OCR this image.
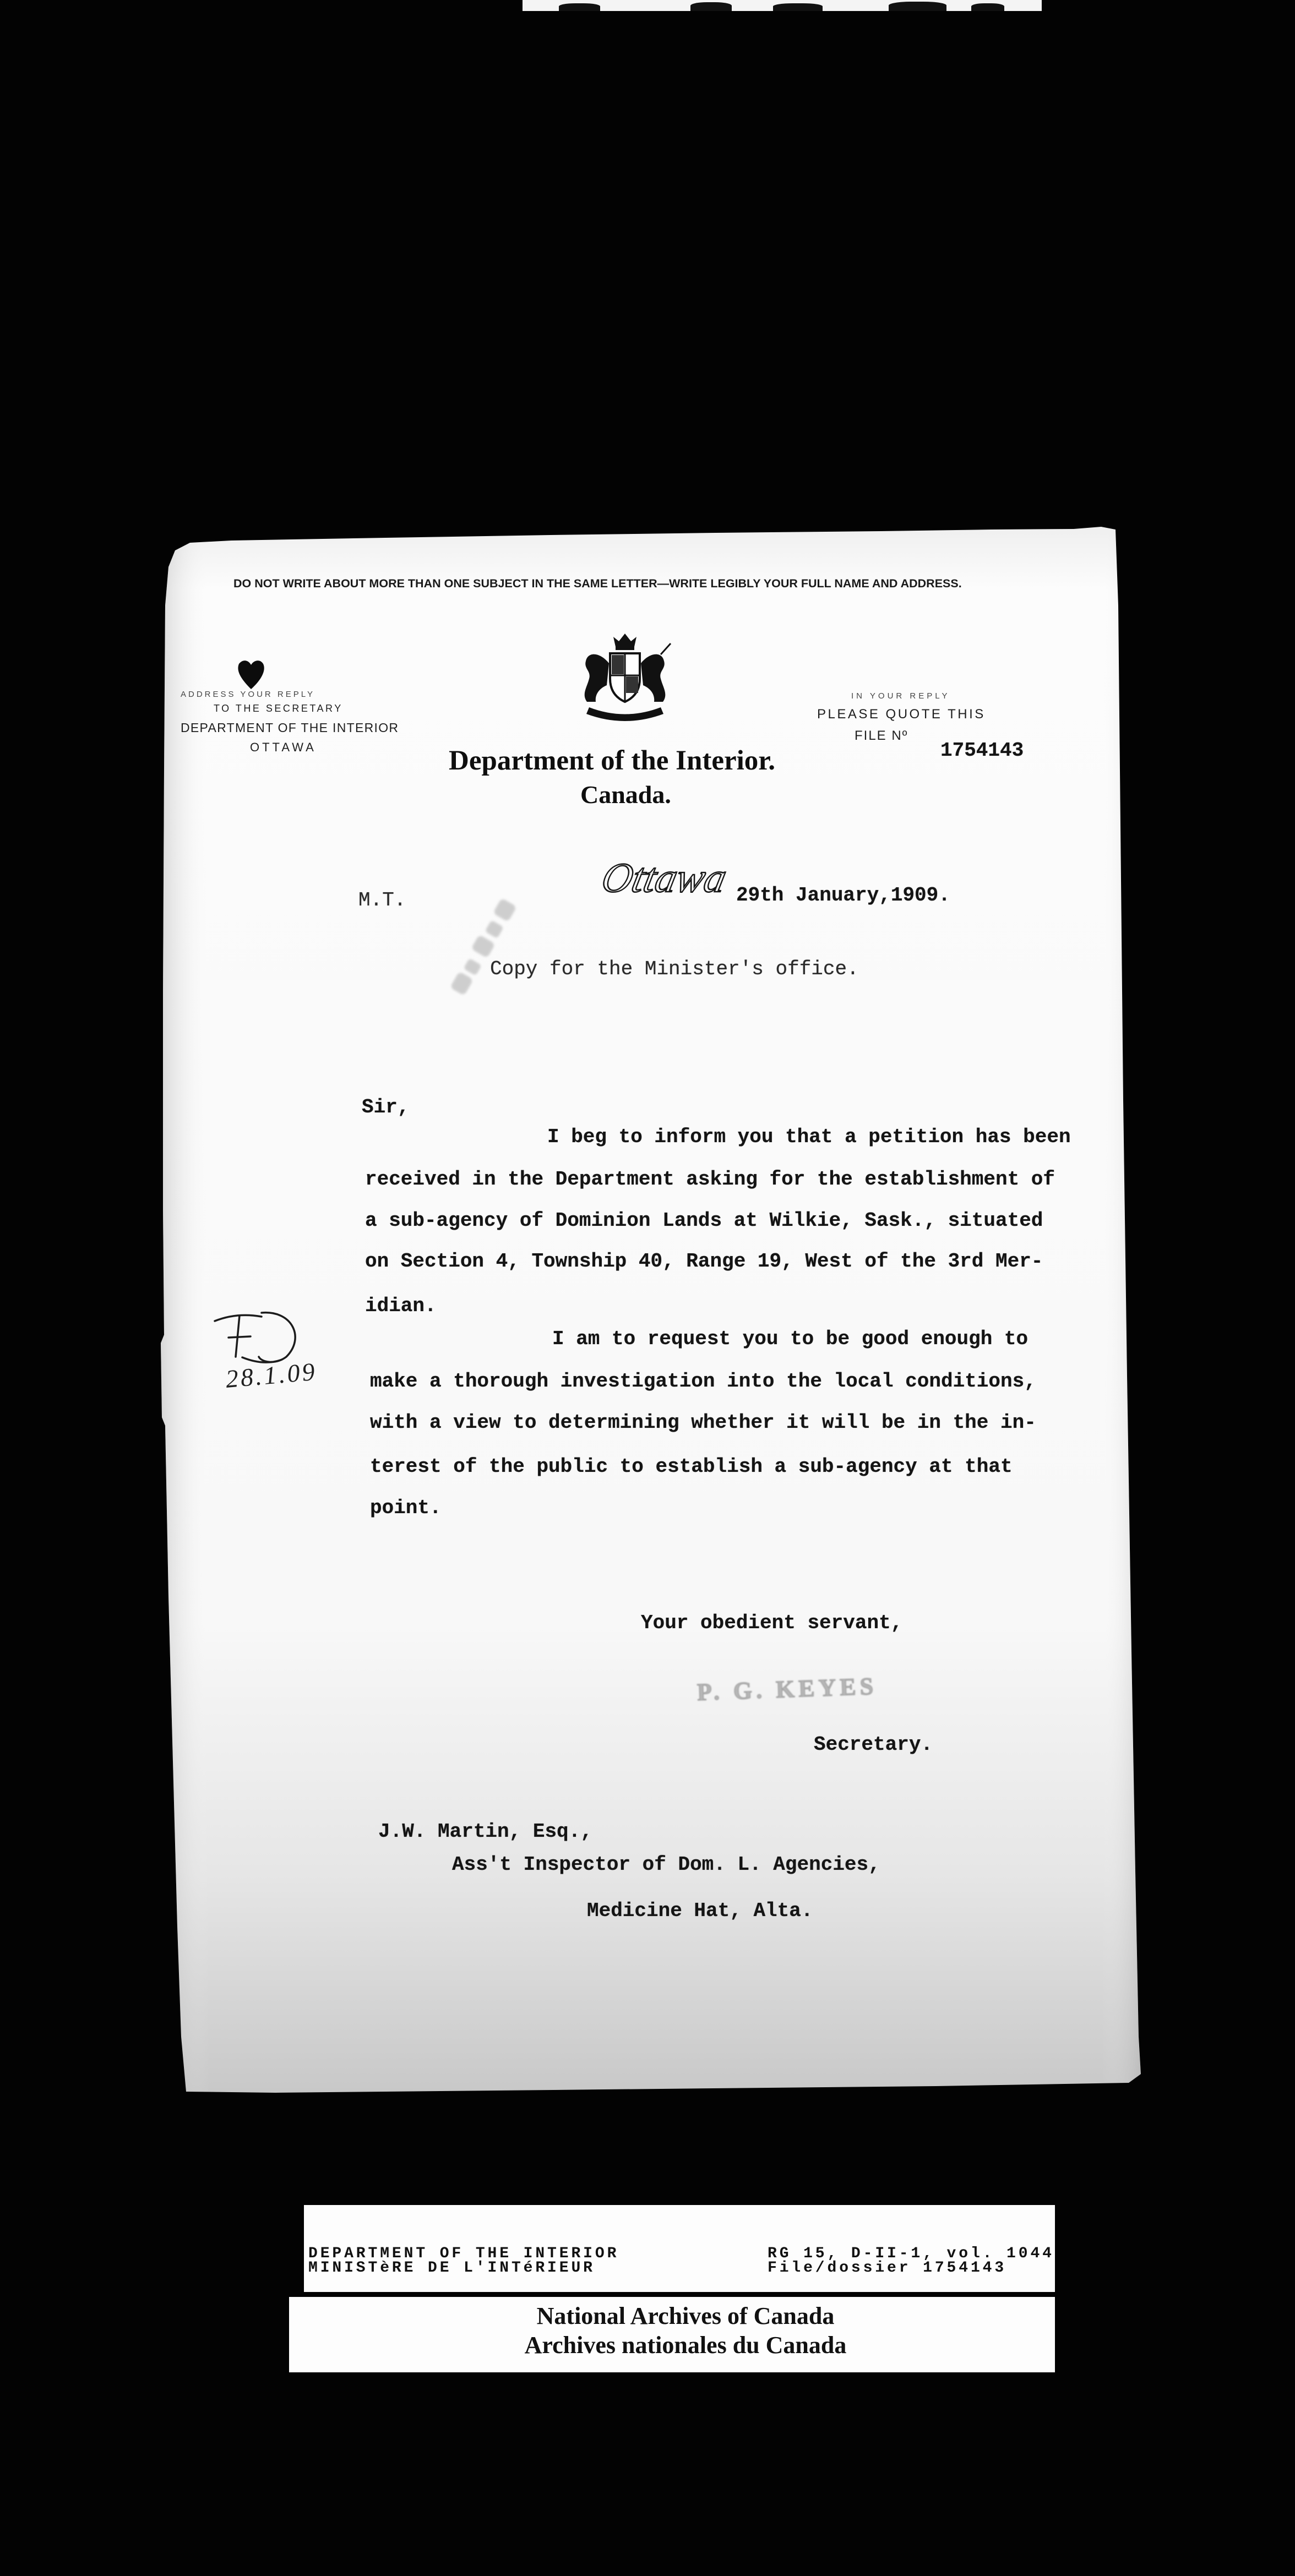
DO NOT WRITE ABOUT MORE THAN ONE SUBJECT IN THE SAME LETTER—WRITE LEGIBLY YOUR FULL NAME AND ADDRESS.
ADDRESS YOUR REPLY
TO THE SECRETARY
DEPARTMENT OF THE INTERIOR
OTTAWA	Department of the Interior.
Canada.
IN YOUR REPLY
PLEASE QUOTE THIS
FILE Nº
1754143
Ottawa 29th January,1909.
M.T.
Copy for the Minister's office.
Sir,
I beg to inform you that a petition has been
received in the Department asking for the establishment of
a sub-agency of Dominion Lands at Wilkie, Sask., situated
on Section 4, Township 40, Range 19, West of the 3rd Mer-
idian.
I am to request you to be good enough to
make a thorough investigation into the local conditions,
with a view to determining whether it will be in the in-
terest of the public to establish a sub-agency at that
point.
28.1.09
Your obedient servant,
P. G. KEYES
Secretary.
J.W. Martin, Esq.,
Ass't Inspector of Dom. L. Agencies,
Medicine Hat, Alta.
DEPARTMENT OF THE INTERIOR
MINISTèRE DE L'INTéRIEUR
RG 15, D-II-1, vol. 1044
File/dossier 1754143
National Archives of Canada
Archives nationales du Canada
